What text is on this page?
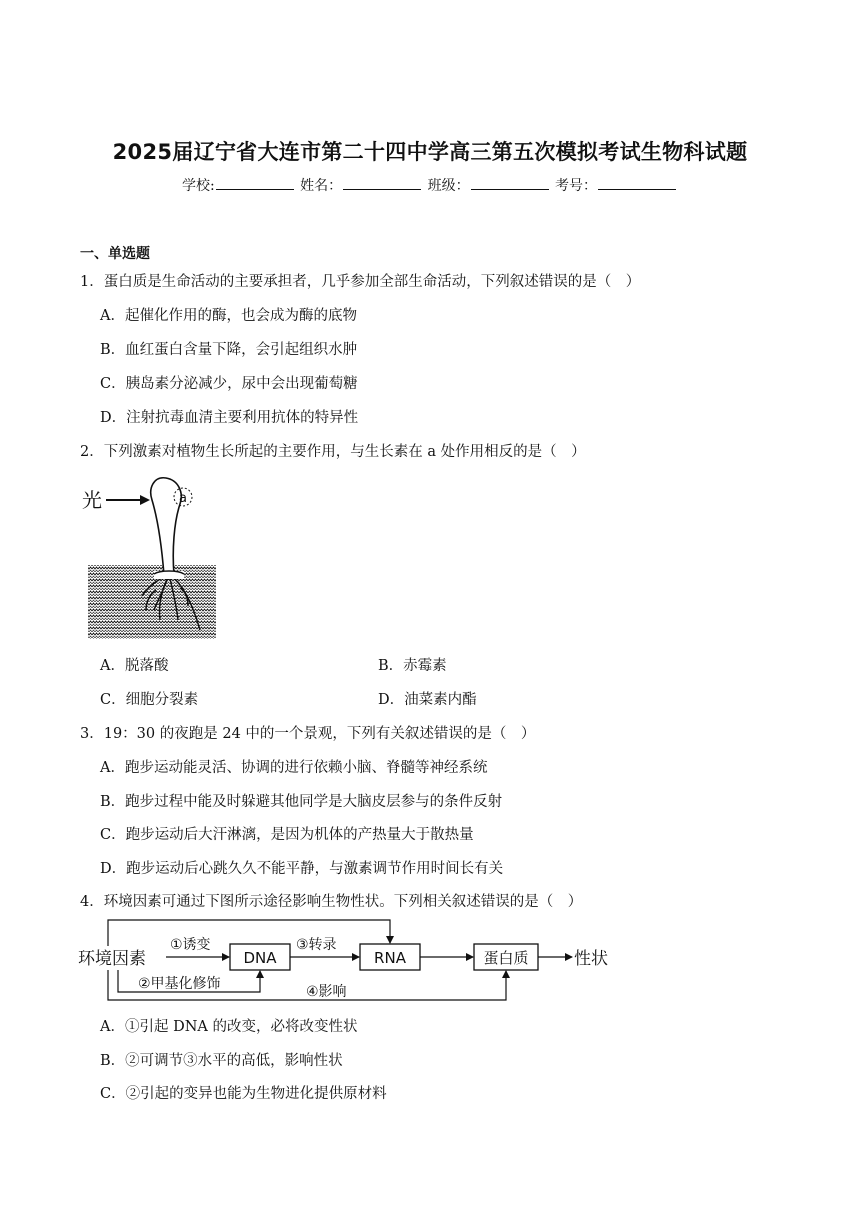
2025届辽宁省大连市第二十四中学高三第五次模拟考试生物科试题
学校:	姓名：	班级：	考号：
一、单选题
1．蛋白质是生命活动的主要承担者，几乎参加全部生命活动，下列叙述错误的是（　）
A．起催化作用的酶，也会成为酶的底物
B．血红蛋白含量下降，会引起组织水肿
C．胰岛素分泌减少，尿中会出现葡萄糖
D．注射抗毒血清主要利用抗体的特异性
2．下列激素对植物生长所起的主要作用，与生长素在 a 处作用相反的是（　）
a
光
A．脱落酸	B．赤霉素
C．细胞分裂素	D．油菜素内酯
3．19：30 的夜跑是 24 中的一个景观，下列有关叙述错误的是（　）
A．跑步运动能灵活、协调的进行依赖小脑、脊髓等神经系统
B．跑步过程中能及时躲避其他同学是大脑皮层参与的条件反射
C．跑步运动后大汗淋漓，是因为机体的产热量大于散热量
D．跑步运动后心跳久久不能平静，与激素调节作用时间长有关
4．环境因素可通过下图所示途径影响生物性状。下列相关叙述错误的是（　）
DNA	RNA	蛋白质
环境因素	性状
①诱变	③转录
②甲基化修饰	④影响
A．①引起 DNA 的改变，必将改变性状
B．②可调节③水平的高低，影响性状
C．②引起的变异也能为生物进化提供原材料
